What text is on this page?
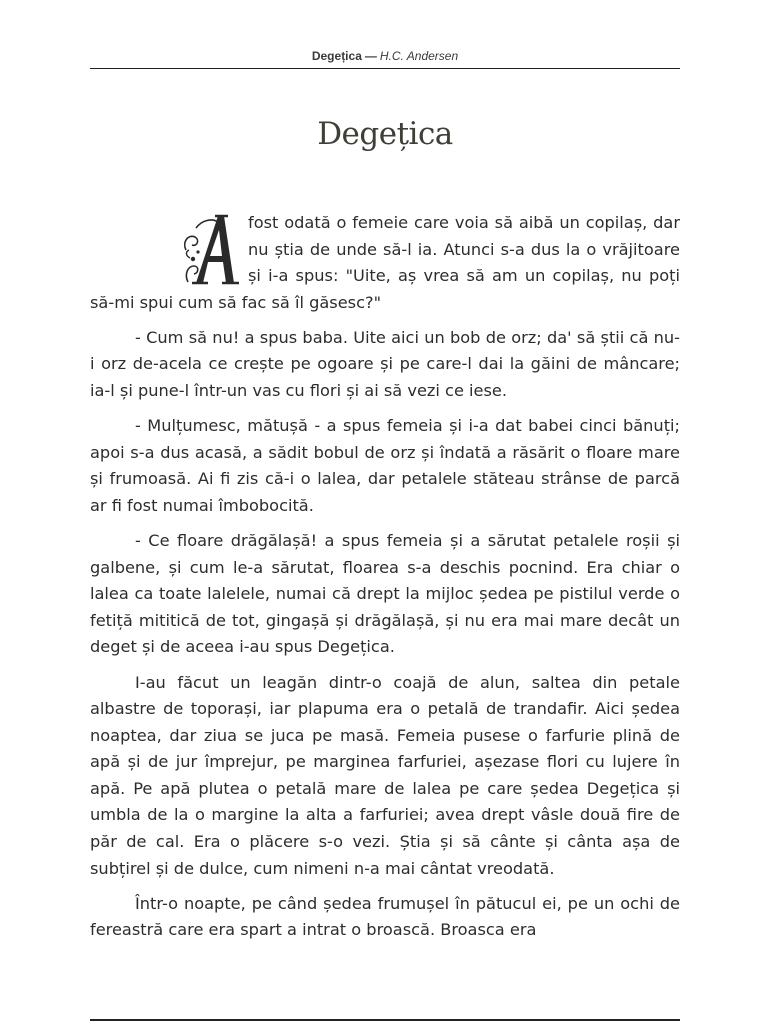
Degețica — H.C. Andersen
Degețica

fost odată o femeie care voia să aibă un copilaș, dar nu știa de unde să-l ia. Atunci s-a dus la o vrăjitoare și i-a spus: "Uite, aș vrea să am un copilaș, nu poți să-mi spui cum să fac să îl găsesc?"

- Cum să nu! a spus baba. Uite aici un bob de orz; da' să știi că nu-i orz de-acela ce crește pe ogoare și pe care-l dai la găini de mâncare; ia-l și pune-l într-un vas cu flori și ai să vezi ce iese.

- Mulțumesc, mătușă - a spus femeia și i-a dat babei cinci bănuți; apoi s-a dus acasă, a sădit bobul de orz și îndată a răsărit o floare mare și frumoasă. Ai fi zis că-i o lalea, dar petalele stăteau strânse de parcă ar fi fost numai îmbobocită.

- Ce floare drăgălașă! a spus femeia și a sărutat petalele roșii și galbene, și cum le-a sărutat, floarea s-a deschis pocnind. Era chiar o lalea ca toate lalelele, numai că drept la mijloc ședea pe pistilul verde o fetiță mititică de tot, gingașă și drăgălașă, și nu era mai mare decât un deget și de aceea i-au spus Degețica.

I-au făcut un leagăn dintr-o coajă de alun, saltea din petale albastre de toporași, iar plapuma era o petală de trandafir. Aici ședea noaptea, dar ziua se juca pe masă. Femeia pusese o farfurie plină de apă și de jur împrejur, pe marginea farfuriei, așezase flori cu lujere în apă. Pe apă plutea o petală mare de lalea pe care ședea Degețica și umbla de la o margine la alta a farfuriei; avea drept vâsle două fire de păr de cal. Era o plăcere s-o vezi. Știa și să cânte și cânta așa de subțirel și de dulce, cum nimeni n-a mai cântat vreodată.

Într-o noapte, pe când ședea frumușel în pătucul ei, pe un ochi de fereastră care era spart a intrat o broască. Broasca era
